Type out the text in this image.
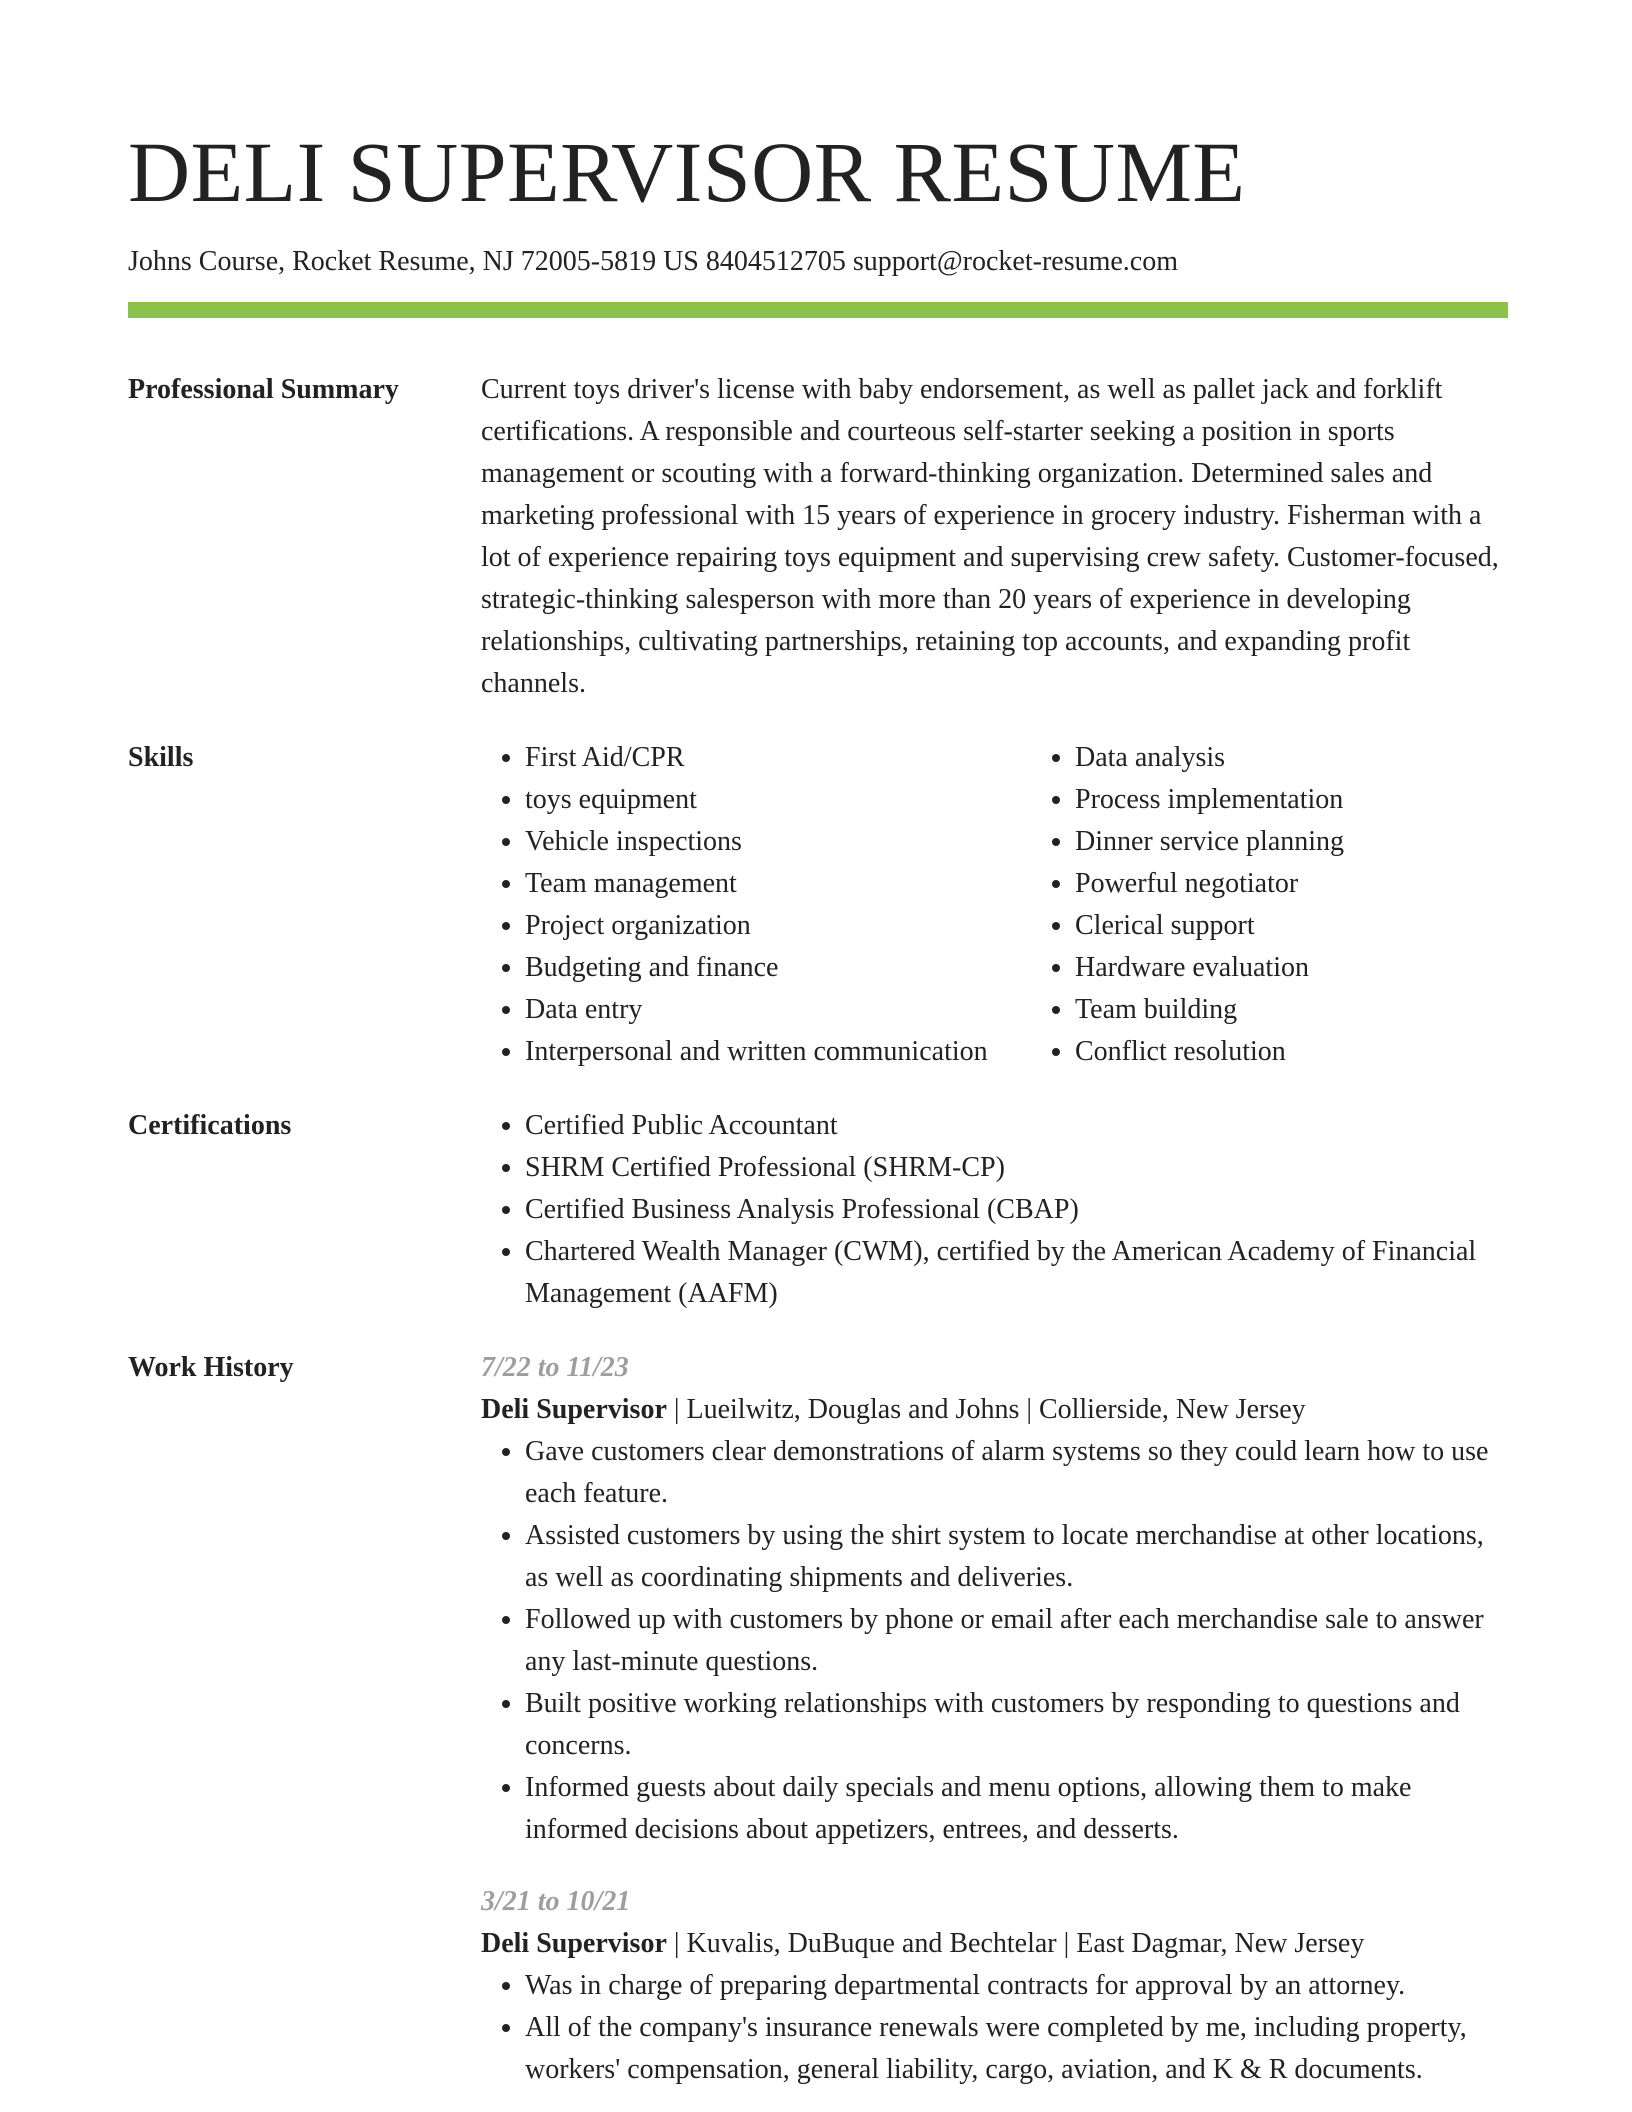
DELI SUPERVISOR RESUME
Johns Course, Rocket Resume, NJ 72005-5819 US 8404512705 support@rocket-resume.com
Professional Summary	Current toys driver's license with baby endorsement, as well as pallet jack and forklift certifications. A responsible and courteous self-starter seeking a position in sports management or scouting with a forward-thinking organization. Determined sales and marketing professional with 15 years of experience in grocery industry. Fisherman with a lot of experience repairing toys equipment and supervising crew safety. Customer-focused, strategic-thinking salesperson with more than 20 years of experience in developing relationships, cultivating partnerships, retaining top accounts, and expanding profit channels.

Skills	• First Aid/CPR
• toys equipment
• Vehicle inspections
• Team management
• Project organization
• Budgeting and finance
• Data entry
• Interpersonal and written communication
• Data analysis
• Process implementation
• Dinner service planning
• Powerful negotiator
• Clerical support
• Hardware evaluation
• Team building
• Conflict resolution
Certifications	• Certified Public Accountant
• SHRM Certified Professional (SHRM-CP)
• Certified Business Analysis Professional (CBAP)
• Chartered Wealth Manager (CWM), certified by the American Academy of Financial Management (AAFM)
Work History	7/22 to 11/23
Deli Supervisor | Lueilwitz, Douglas and Johns | Collierside, New Jersey
• Gave customers clear demonstrations of alarm systems so they could learn how to use each feature.
• Assisted customers by using the shirt system to locate merchandise at other locations, as well as coordinating shipments and deliveries.
• Followed up with customers by phone or email after each merchandise sale to answer any last-minute questions.
• Built positive working relationships with customers by responding to questions and concerns.
• Informed guests about daily specials and menu options, allowing them to make informed decisions about appetizers, entrees, and desserts.
3/21 to 10/21
Deli Supervisor | Kuvalis, DuBuque and Bechtelar | East Dagmar, New Jersey
• Was in charge of preparing departmental contracts for approval by an attorney.
• All of the company's insurance renewals were completed by me, including property, workers' compensation, general liability, cargo, aviation, and K & R documents.
